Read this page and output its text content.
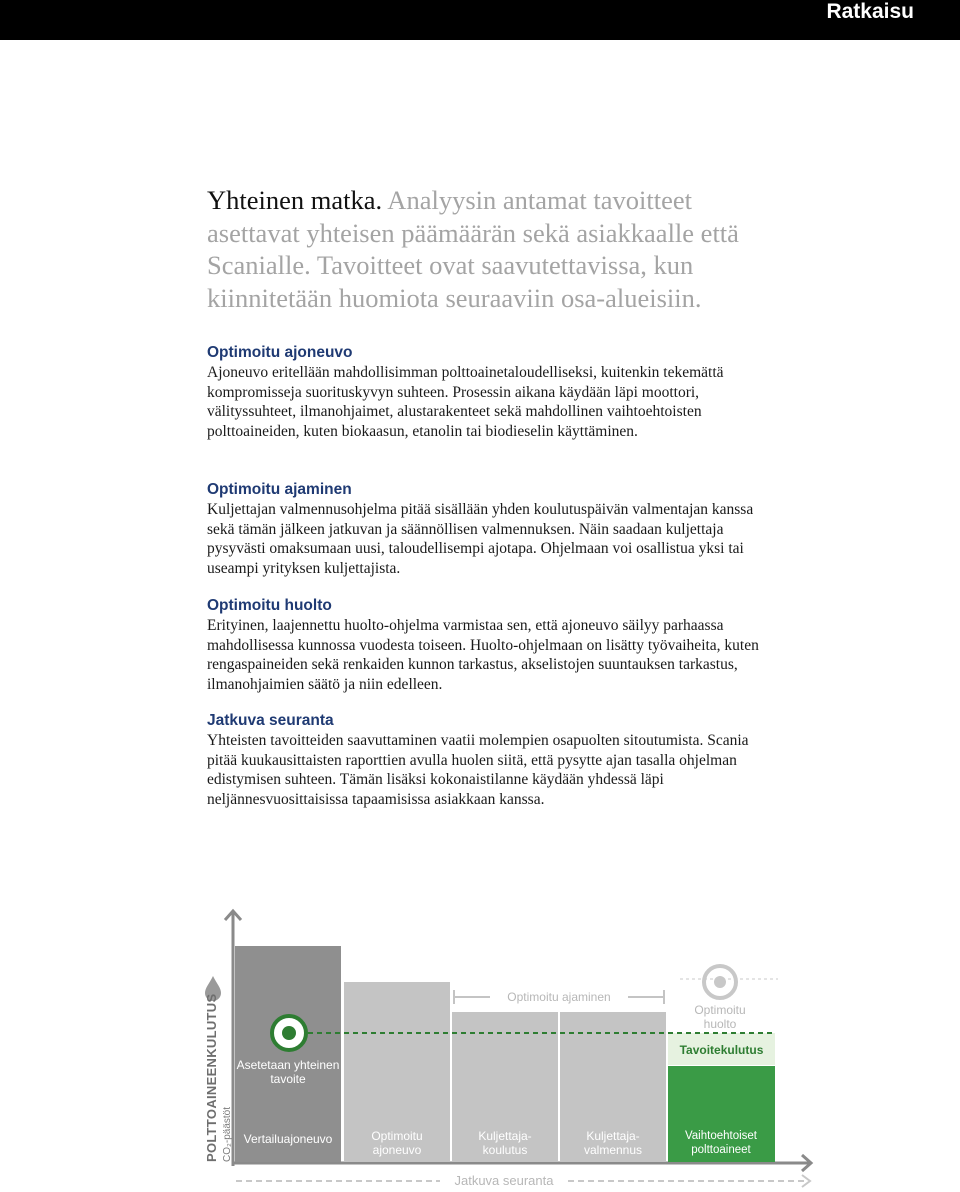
Ratkaisu
Yhteinen matka. Analyysin antamat tavoitteet asettavat yhteisen päämäärän sekä asiakkaalle että Scanialle. Tavoitteet ovat saavutettavissa, kun kiinnitetään huomiota seuraaviin osa-alueisiin.
Optimoitu ajoneuvo

Ajoneuvo eritellään mahdollisimman polttoainetaloudelliseksi, kuitenkin tekemättä kompromisseja suorituskyvyn suhteen. Prosessin aikana käydään läpi moottori, välityssuhteet, ilmanohjaimet, alustarakenteet sekä mahdollinen vaihtoehtoisten polttoaineiden, kuten biokaasun, etanolin tai biodieselin käyttäminen.

Optimoitu ajaminen

Kuljettajan valmennusohjelma pitää sisällään yhden koulutuspäivän valmentajan kanssa sekä tämän jälkeen jatkuvan ja säännöllisen valmennuksen. Näin saadaan kuljettaja pysyvästi omaksumaan uusi, taloudellisempi ajotapa. Ohjelmaan voi osallistua yksi tai useampi yrityksen kuljettajista.

Optimoitu huolto

Erityinen, laajennettu huolto-ohjelma varmistaa sen, että ajoneuvo säilyy parhaassa mahdollisessa kunnossa vuodesta toiseen. Huolto-ohjelmaan on lisätty työvaiheita, kuten rengaspaineiden sekä renkaiden kunnon tarkastus, akselistojen suuntauksen tarkastus, ilmanohjaimien säätö ja niin edelleen.

Jatkuva seuranta

Yhteisten tavoitteiden saavuttaminen vaatii molempien osapuolten sitoutumista. Scania pitää kuukausittaisten raporttien avulla huolen siitä, että pysytte ajan tasalla ohjelman edistymisen suhteen. Tämän lisäksi kokonaistilanne käydään yhdessä läpi neljännesvuosittaisissa tapaamisissa asiakkaan kanssa.

POLTTOAINEENKULUTUS CO₂-päästöt
Asetetaan yhteinen tavoite
Vertailuajoneuvo	Optimoitu ajoneuvo
Kuljettaja-koulutus
Kuljettaja-valmennus
Vaihtoehtoiset polttoaineet
Optimoitu ajaminen
Optimoitu huolto
Tavoitekulutus
Jatkuva seuranta
